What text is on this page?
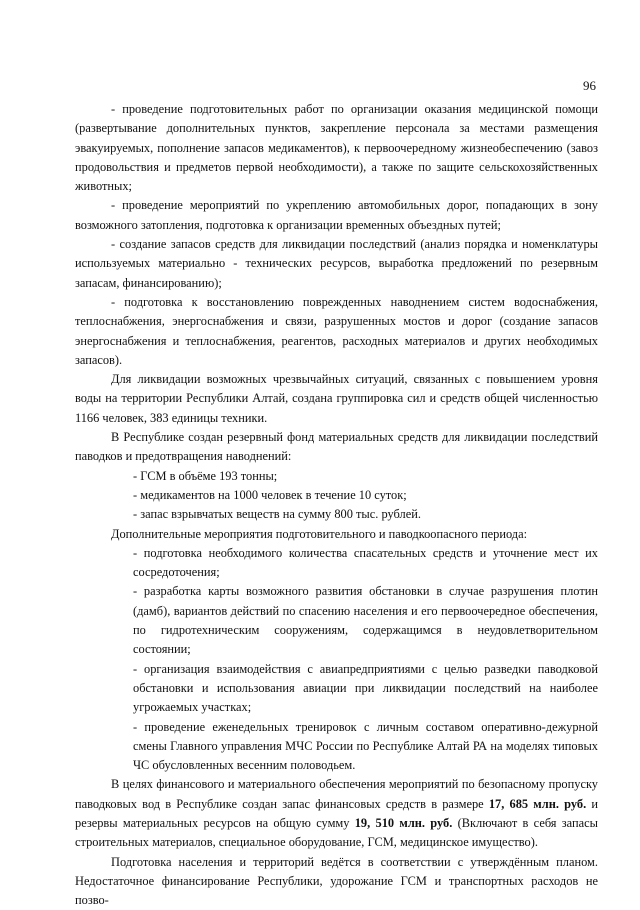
96

- проведение подготовительных работ по организации оказания медицинской помощи (развертывание дополнительных пунктов, закрепление персонала за местами размещения эвакуируемых, пополнение запасов медикаментов), к первоочередному жизнеобеспечению (завоз продовольствия и предметов первой необходимости), а также по защите сельскохозяйственных животных;

- проведение мероприятий по укреплению автомобильных дорог, попадающих в зону возможного затопления, подготовка к организации временных объездных путей;

- создание запасов средств для ликвидации последствий (анализ порядка и номенклатуры используемых материально - технических ресурсов, выработка предложений по резервным запасам, финансированию);

- подготовка к восстановлению поврежденных наводнением систем водоснабжения, теплоснабжения, энергоснабжения и связи, разрушенных мостов и дорог (создание запасов энергоснабжения и теплоснабжения, реагентов, расходных материалов и других необходимых запасов).

Для ликвидации возможных чрезвычайных ситуаций, связанных с повышением уровня воды на территории Республики Алтай, создана группировка сил и средств общей численностью 1166 человек, 383 единицы техники.

В Республике создан резервный фонд материальных средств для ликвидации последствий паводков и предотвращения наводнений:

- ГСМ в объёме 193 тонны;

- медикаментов на 1000 человек в течение 10 суток;

- запас взрывчатых веществ на сумму 800 тыс. рублей.

Дополнительные мероприятия подготовительного и паводкоопасного периода:

- подготовка необходимого количества спасательных средств и уточнение мест их сосредоточения;

- разработка карты возможного развития обстановки в случае разрушения плотин (дамб), вариантов действий по спасению населения и его первоочередное обеспечения, по гидротехническим сооружениям, содержащимся в неудовлетворительном состоянии;

- организация взаимодействия с авиапредприятиями с целью разведки паводковой обстановки и использования авиации при ликвидации последствий на наиболее угрожаемых участках;

- проведение еженедельных тренировок с личным составом оперативно-дежурной смены Главного управления МЧС России по Республике Алтай РА на моделях типовых ЧС обусловленных весенним половодьем.

В целях финансового и материального обеспечения мероприятий по безопасному пропуску паводковых вод в Республике создан запас финансовых средств в размере 17, 685 млн. руб. и резервы материальных ресурсов на общую сумму 19, 510 млн. руб. (Включают в себя запасы строительных материалов, специальное оборудование, ГСМ, медицинское имущество).

Подготовка населения и территорий ведётся в соответствии с утверждённым планом. Недостаточное финансирование Республики, удорожание ГСМ и транспортных расходов не позво-
